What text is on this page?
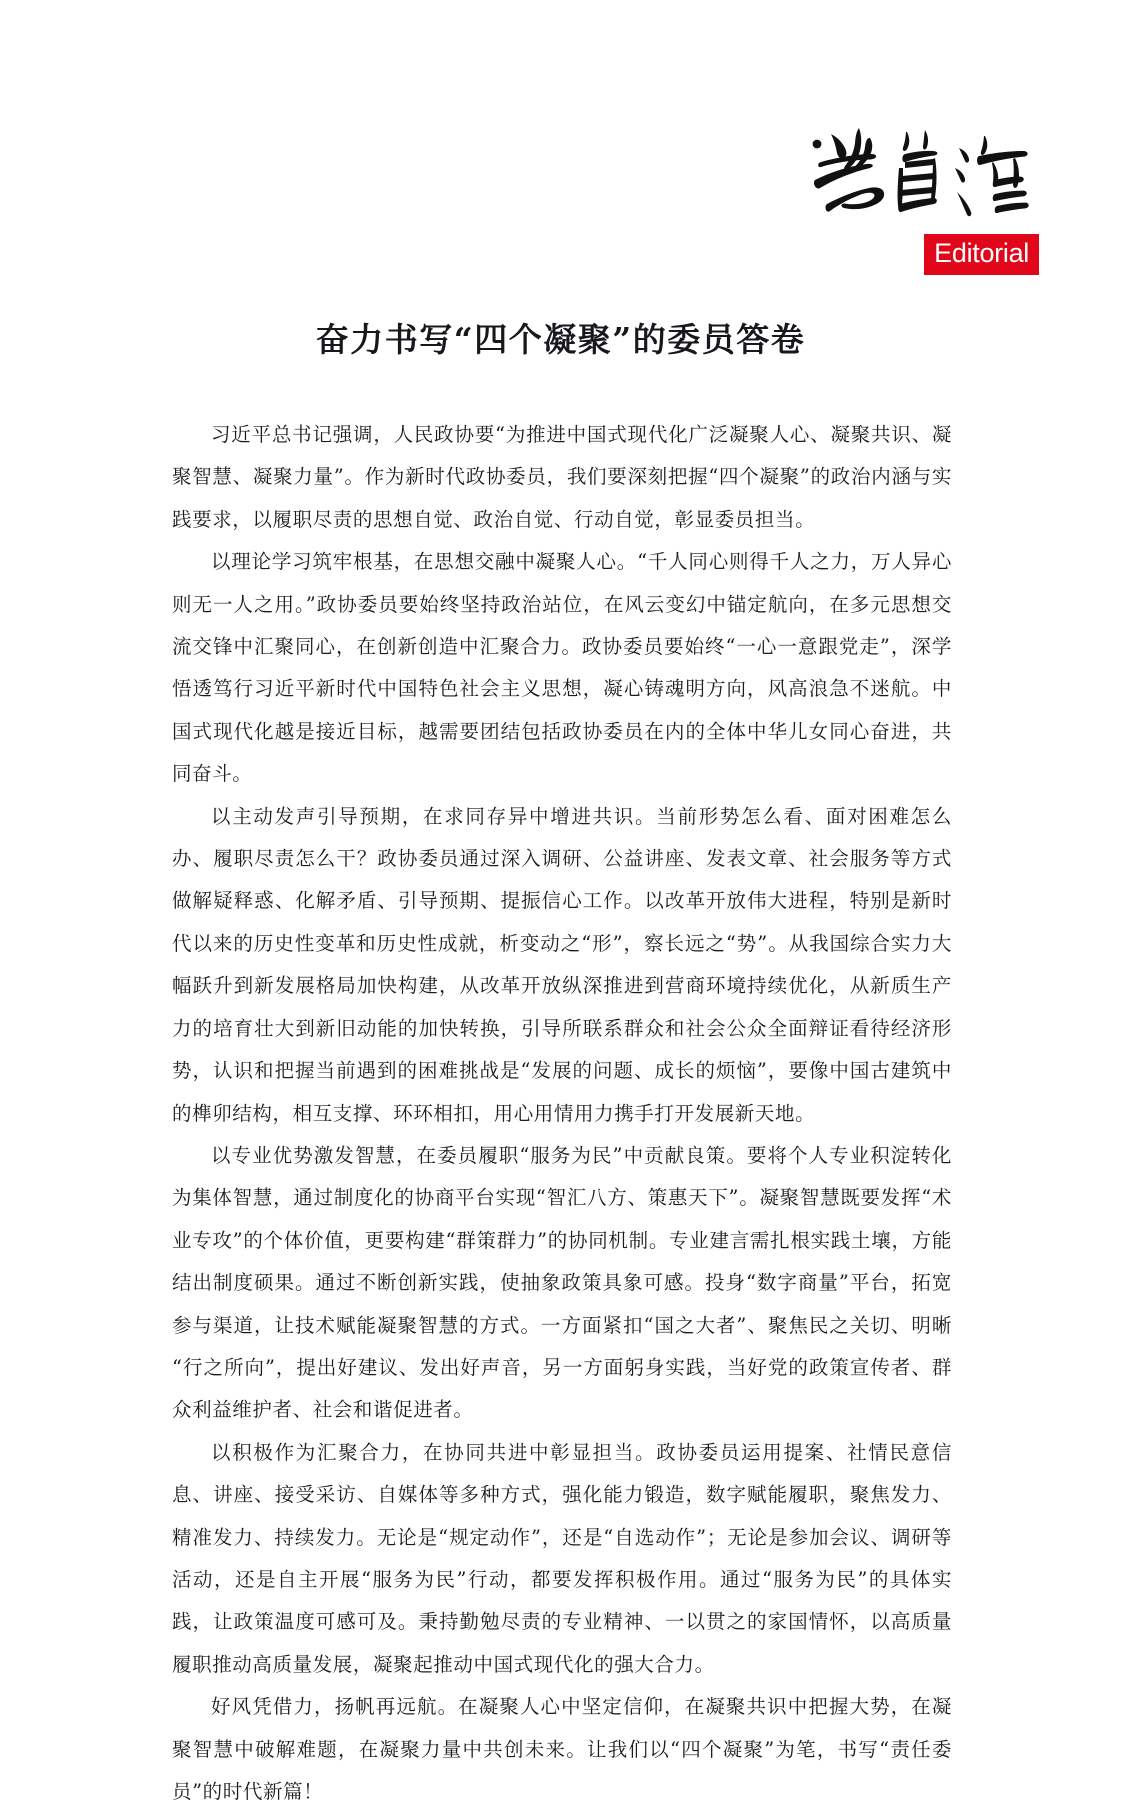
Editorial
奋力书写“四个凝聚”的委员答卷

习近平总书记强调，人民政协要“为推进中国式现代化广泛凝聚人心、凝聚共识、凝聚智慧、凝聚力量”。作为新时代政协委员，我们要深刻把握“四个凝聚”的政治内涵与实践要求，以履职尽责的思想自觉、政治自觉、行动自觉，彰显委员担当。

以理论学习筑牢根基，在思想交融中凝聚人心。“千人同心则得千人之力，万人异心则无一人之用。”政协委员要始终坚持政治站位，在风云变幻中锚定航向，在多元思想交流交锋中汇聚同心，在创新创造中汇聚合力。政协委员要始终“一心一意跟党走”，深学悟透笃行习近平新时代中国特色社会主义思想，凝心铸魂明方向，风高浪急不迷航。中国式现代化越是接近目标，越需要团结包括政协委员在内的全体中华儿女同心奋进，共同奋斗。

以主动发声引导预期，在求同存异中增进共识。当前形势怎么看、面对困难怎么办、履职尽责怎么干？政协委员通过深入调研、公益讲座、发表文章、社会服务等方式做解疑释惑、化解矛盾、引导预期、提振信心工作。以改革开放伟大进程，特别是新时代以来的历史性变革和历史性成就，析变动之“形”，察长远之“势”。从我国综合实力大幅跃升到新发展格局加快构建，从改革开放纵深推进到营商环境持续优化，从新质生产力的培育壮大到新旧动能的加快转换，引导所联系群众和社会公众全面辩证看待经济形势，认识和把握当前遇到的困难挑战是“发展的问题、成长的烦恼”，要像中国古建筑中的榫卯结构，相互支撑、环环相扣，用心用情用力携手打开发展新天地。

以专业优势激发智慧，在委员履职“服务为民”中贡献良策。要将个人专业积淀转化为集体智慧，通过制度化的协商平台实现“智汇八方、策惠天下”。凝聚智慧既要发挥“术业专攻”的个体价值，更要构建“群策群力”的协同机制。专业建言需扎根实践土壤，方能结出制度硕果。通过不断创新实践，使抽象政策具象可感。投身“数字商量”平台，拓宽参与渠道，让技术赋能凝聚智慧的方式。一方面紧扣“国之大者”、聚焦民之关切、明晰“行之所向”，提出好建议、发出好声音，另一方面躬身实践，当好党的政策宣传者、群众利益维护者、社会和谐促进者。

以积极作为汇聚合力，在协同共进中彰显担当。政协委员运用提案、社情民意信息、讲座、接受采访、自媒体等多种方式，强化能力锻造，数字赋能履职，聚焦发力、精准发力、持续发力。无论是“规定动作”，还是“自选动作”；无论是参加会议、调研等活动，还是自主开展“服务为民”行动，都要发挥积极作用。通过“服务为民”的具体实践，让政策温度可感可及。秉持勤勉尽责的专业精神、一以贯之的家国情怀，以高质量履职推动高质量发展，凝聚起推动中国式现代化的强大合力。

好风凭借力，扬帆再远航。在凝聚人心中坚定信仰，在凝聚共识中把握大势，在凝聚智慧中破解难题，在凝聚力量中共创未来。让我们以“四个凝聚”为笔，书写“责任委员”的时代新篇！
